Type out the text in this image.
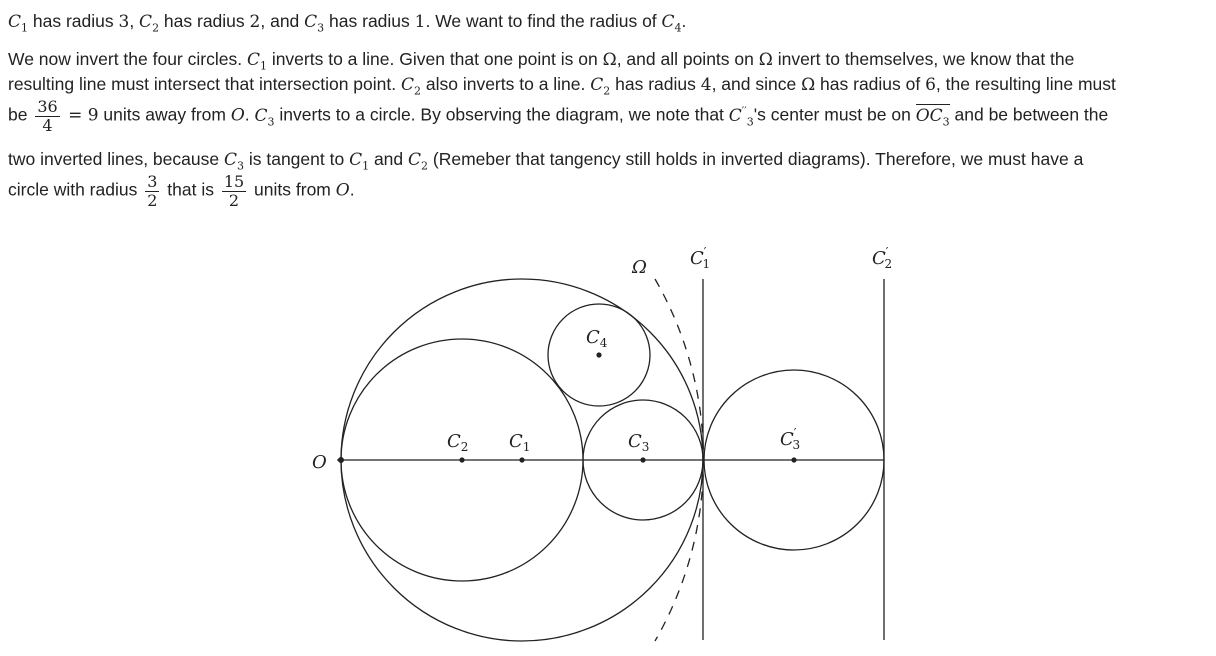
$C_1$ has radius 3, $C_2$ has radius 2, and $C_3$ has radius 1. We want to find the radius of $C_4$.
We now invert the four circles. $C_1$ inverts to a line. Given that one point is on Ω, and all points on Ω invert to themselves, we know that the
resulting line must intersect that intersection point. $C_2$ also inverts to a line. $C_2$ has radius 4, and since Ω has radius of 6, the resulting line must
be $\frac{36}{4} = 9$ units away from O. $C_3$ inverts to a circle. By observing the diagram, we note that $C''_3's$ center must be on $OC_3$ and be between the
two inverted lines, because $C_3$ is tangent to $C_1$ and $C_2$ (Remeber that tangency still holds in inverted diagrams). Therefore, we must have a
circle with radius $\frac{3}{2}$ that is $\frac{15}{2}$ units from O.
O
$C_2$ $C_1$	$C_3$
$C_4$
C′ 3
Ω C′ 1	C′ 2
